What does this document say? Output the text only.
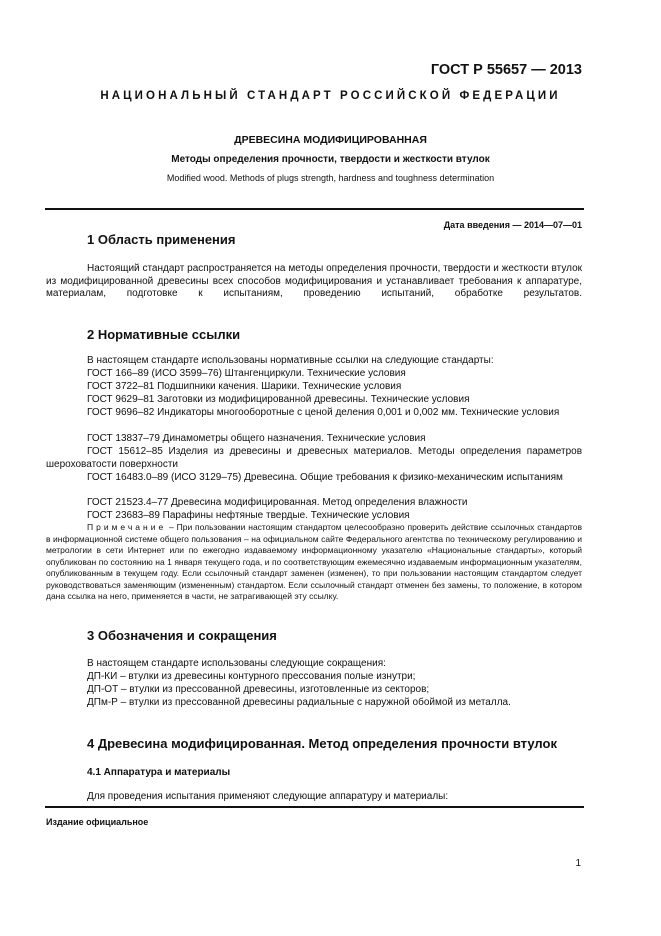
ГОСТ Р 55657 — 2013
НАЦИОНАЛЬНЫЙ СТАНДАРТ РОССИЙСКОЙ ФЕДЕРАЦИИ
ДРЕВЕСИНА МОДИФИЦИРОВАННАЯ
Методы определения прочности, твердости и жесткости втулок
Modified wood. Methods of plugs strength, hardness and toughness determination
Дата введения — 2014—07—01
1 Область применения
Настоящий стандарт распространяется на методы определения прочности, твердости и жесткости втулок из модифицированной древесины всех способов модифицирования и устанавливает требования к аппаратуре, материалам, подготовке к испытаниям, проведению испытаний, обработке результатов.
2 Нормативные ссылки
В настоящем стандарте использованы нормативные ссылки на следующие стандарты:
ГОСТ 166–89 (ИСО 3599–76) Штангенциркули. Технические условия
ГОСТ 3722–81 Подшипники качения. Шарики. Технические условия
ГОСТ 9629–81 Заготовки из модифицированной древесины. Технические условия
ГОСТ 9696–82 Индикаторы многооборотные с ценой деления 0,001 и 0,002 мм. Технические условия
ГОСТ 13837–79 Динамометры общего назначения. Технические условия
ГОСТ 15612–85 Изделия из древесины и древесных материалов. Методы определения параметров шероховатости поверхности
ГОСТ 16483.0–89 (ИСО 3129–75) Древесина. Общие требования к физико-механическим испытаниям
ГОСТ 21523.4–77 Древесина модифицированная. Метод определения влажности
ГОСТ 23683–89 Парафины нефтяные твердые. Технические условия
Примечание – При пользовании настоящим стандартом целесообразно проверить действие ссылочных стандартов в информационной системе общего пользования – на официальном сайте Федерального агентства по техническому регулированию и метрологии в сети Интернет или по ежегодно издаваемому информационному указателю «Национальные стандарты», который опубликован по состоянию на 1 января текущего года, и по соответствующим ежемесячно издаваемым информационным указателям, опубликованным в текущем году. Если ссылочный стандарт заменен (изменен), то при пользовании настоящим стандартом следует руководствоваться заменяющим (измененным) стандартом. Если ссылочный стандарт отменен без замены, то положение, в котором дана ссылка на него, применяется в части, не затрагивающей эту ссылку.
3 Обозначения и сокращения
В настоящем стандарте использованы следующие сокращения:
ДП-КИ – втулки из древесины контурного прессования полые изнутри;
ДП-ОТ – втулки из прессованной древесины, изготовленные из секторов;
ДПм-Р – втулки из прессованной древесины радиальные с наружной обоймой из металла.
4 Древесина модифицированная. Метод определения прочности втулок
4.1 Аппаратура и материалы
Для проведения испытания применяют следующие аппаратуру и материалы:
Издание официальное
1
